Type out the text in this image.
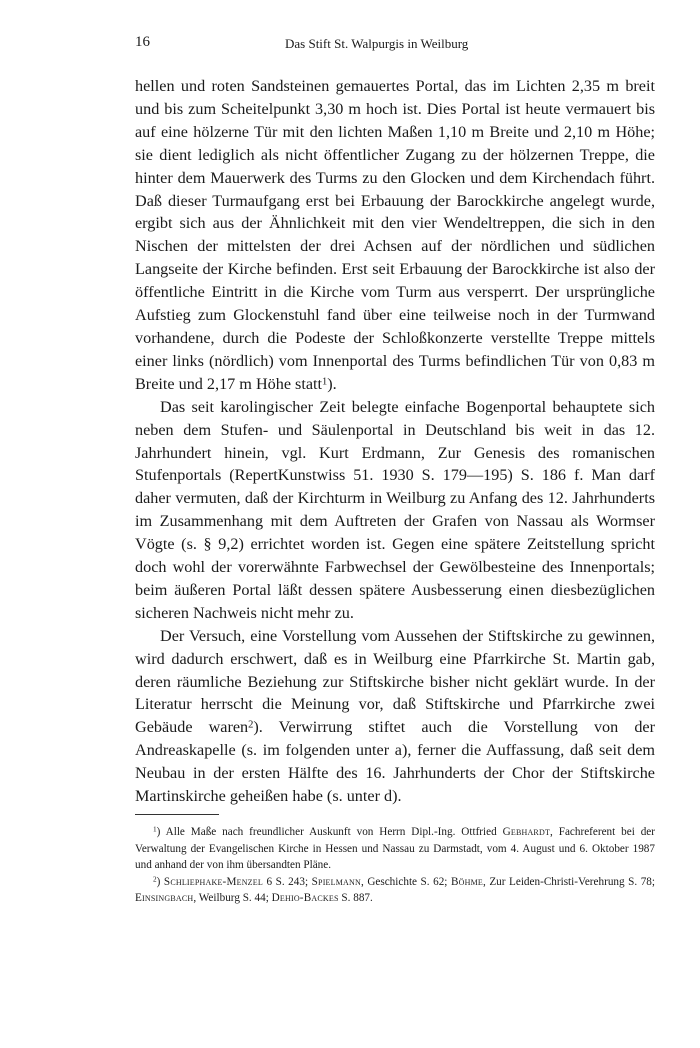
16	Das Stift St. Walpurgis in Weilburg

hellen und roten Sandsteinen gemauertes Portal, das im Lichten 2,35 m breit und bis zum Scheitelpunkt 3,30 m hoch ist. Dies Portal ist heute vermauert bis auf eine hölzerne Tür mit den lichten Maßen 1,10 m Breite und 2,10 m Höhe; sie dient lediglich als nicht öffentlicher Zugang zu der hölzernen Treppe, die hinter dem Mauerwerk des Turms zu den Glocken und dem Kirchendach führt. Daß dieser Turmaufgang erst bei Erbauung der Barockkirche angelegt wurde, ergibt sich aus der Ähnlichkeit mit den vier Wendeltreppen, die sich in den Nischen der mittelsten der drei Achsen auf der nördlichen und südlichen Langseite der Kirche befinden. Erst seit Erbauung der Barockkirche ist also der öffentliche Eintritt in die Kirche vom Turm aus versperrt. Der ursprüngliche Aufstieg zum Glockenstuhl fand über eine teilweise noch in der Turmwand vorhandene, durch die Podeste der Schloßkonzerte verstellte Treppe mittels einer links (nördlich) vom Innenportal des Turms befindlichen Tür von 0,83 m Breite und 2,17 m Höhe statt$^1$).

Das seit karolingischer Zeit belegte einfache Bogenportal behauptete sich neben dem Stufen- und Säulenportal in Deutschland bis weit in das 12. Jahrhundert hinein, vgl. Kurt Erdmann, Zur Genesis des romanischen Stufenportals (RepertKunstwiss 51. 1930 S. 179—195) S. 186 f. Man darf daher vermuten, daß der Kirchturm in Weilburg zu Anfang des 12. Jahrhunderts im Zusammenhang mit dem Auftreten der Grafen von Nassau als Wormser Vögte (s. § 9,2) errichtet worden ist. Gegen eine spätere Zeitstellung spricht doch wohl der vorerwähnte Farbwechsel der Gewölbesteine des Innenportals; beim äußeren Portal läßt dessen spätere Ausbesserung einen diesbezüglichen sicheren Nachweis nicht mehr zu.

Der Versuch, eine Vorstellung vom Aussehen der Stiftskirche zu gewinnen, wird dadurch erschwert, daß es in Weilburg eine Pfarrkirche St. Martin gab, deren räumliche Beziehung zur Stiftskirche bisher nicht geklärt wurde. In der Literatur herrscht die Meinung vor, daß Stiftskirche und Pfarrkirche zwei Gebäude waren$^2$). Verwirrung stiftet auch die Vorstellung von der Andreaskapelle (s. im folgenden unter a), ferner die Auffassung, daß seit dem Neubau in der ersten Hälfte des 16. Jahrhunderts der Chor der Stiftskirche Martinskirche geheißen habe (s. unter d).

$^1$) Alle Maße nach freundlicher Auskunft von Herrn Dipl.-Ing. Ottfried Gebhardt, Fachreferent bei der Verwaltung der Evangelischen Kirche in Hessen und Nassau zu Darmstadt, vom 4. August und 6. Oktober 1987 und anhand der von ihm übersandten Pläne.

$^2$) Schliephake-Menzel 6 S. 243; Spielmann, Geschichte S. 62; Böhme, Zur Leiden-Christi-Verehrung S. 78; Einsingbach, Weilburg S. 44; Dehio-Backes S. 887.
